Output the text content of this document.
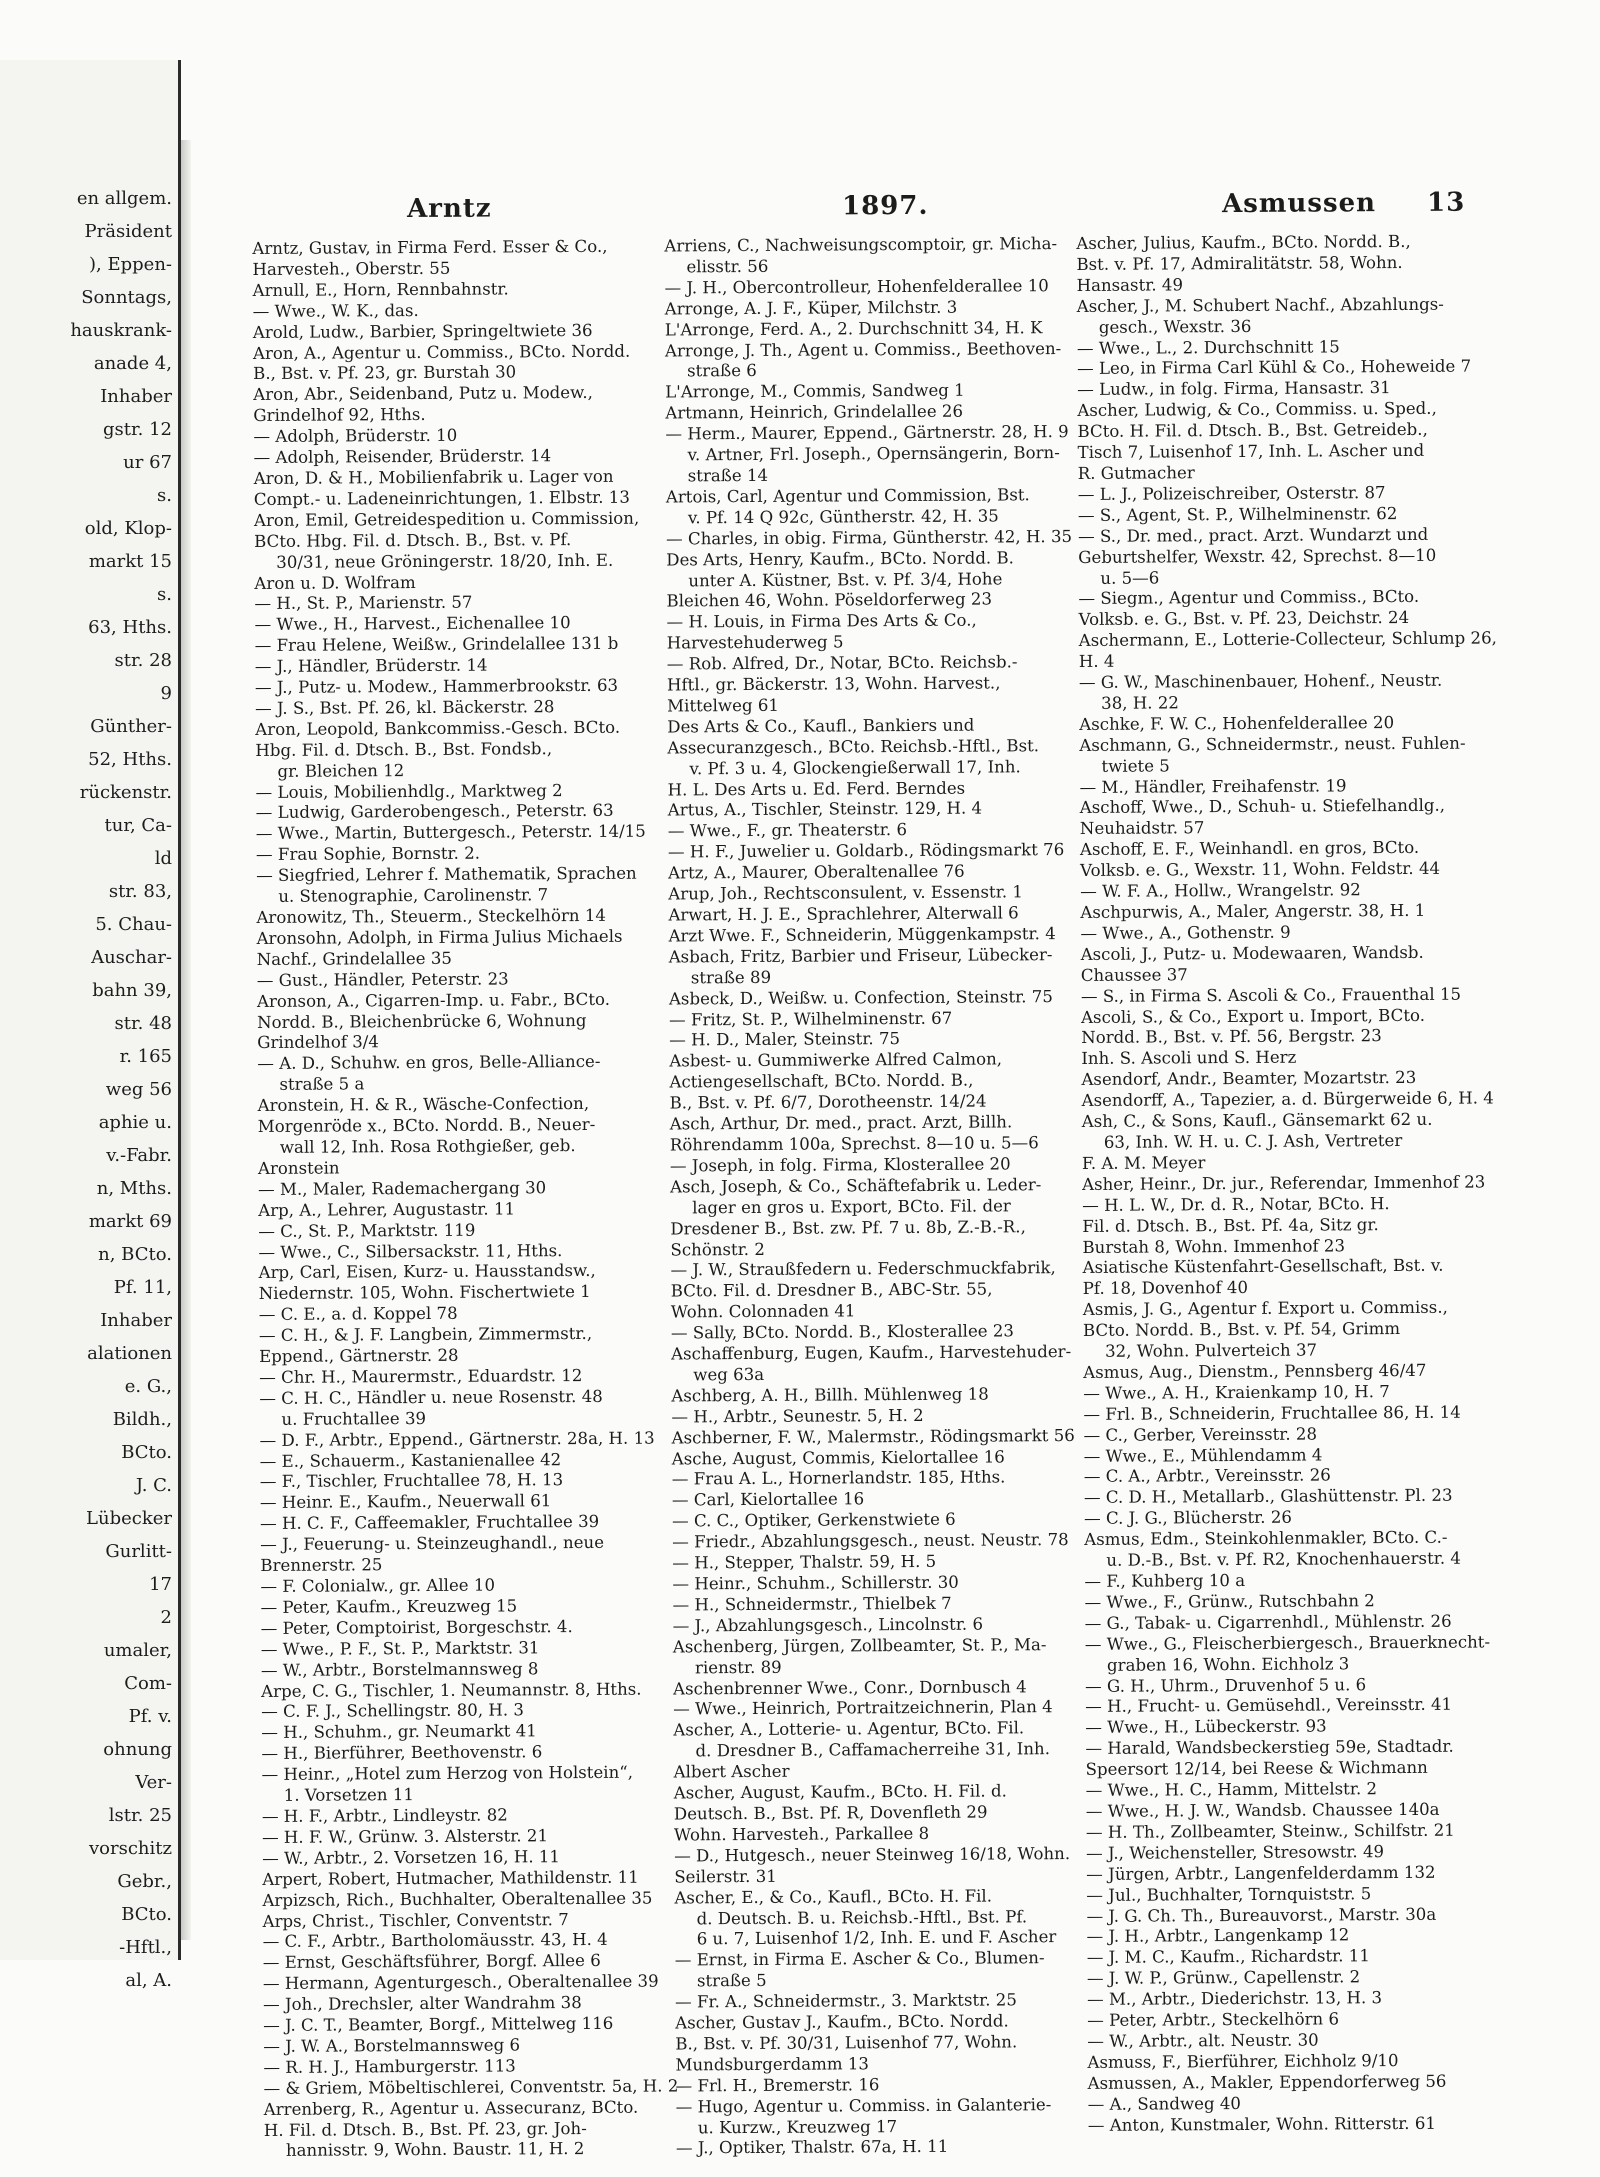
en allgem.
Präsident
), Eppen-
Sonntags,
hauskrank-
anade 4,
Inhaber
gstr. 12
ur 67
s.
old, Klop-
markt 15
s.
63, Hths.
str. 28
9
Günther-
52, Hths.
rückenstr.
tur, Ca-
ld
str. 83,
5. Chau-
Auschar-
bahn 39,
str. 48
r. 165
weg 56
aphie u.
v.-Fabr.
n, Mths.
markt 69
n, BCto.
Pf. 11,
Inhaber
alationen
e. G.,
Bildh.,
BCto.
J. C.
Lübecker
Gurlitt-
17
2
umaler,
Com-
Pf. v.
ohnung
Ver-
lstr. 25
vorschitz
Gebr.,
BCto.
-Hftl.,
al, A.
Arntz	1897.	Asmussen 13
Arntz, Gustav, in Firma Ferd. Esser & Co.,
Harvesteh., Oberstr. 55
Arnull, E., Horn, Rennbahnstr.
— Wwe., W. K., das.
Arold, Ludw., Barbier, Springeltwiete 36
Aron, A., Agentur u. Commiss., BCto. Nordd.
B., Bst. v. Pf. 23, gr. Burstah 30
Aron, Abr., Seidenband, Putz u. Modew.,
Grindelhof 92, Hths.
— Adolph, Brüderstr. 10
— Adolph, Reisender, Brüderstr. 14
Aron, D. & H., Mobilienfabrik u. Lager von
Compt.- u. Ladeneinrichtungen, 1. Elbstr. 13
Aron, Emil, Getreidespedition u. Commission,
BCto. Hbg. Fil. d. Dtsch. B., Bst. v. Pf.
30/31, neue Gröningerstr. 18/20, Inh. E.
Aron u. D. Wolfram
— H., St. P., Marienstr. 57
— Wwe., H., Harvest., Eichenallee 10
— Frau Helene, Weißw., Grindelallee 131 b
— J., Händler, Brüderstr. 14
— J., Putz- u. Modew., Hammerbrookstr. 63
— J. S., Bst. Pf. 26, kl. Bäckerstr. 28
Aron, Leopold, Bankcommiss.-Gesch. BCto.
Hbg. Fil. d. Dtsch. B., Bst. Fondsb.,
gr. Bleichen 12
— Louis, Mobilienhdlg., Marktweg 2
— Ludwig, Garderobengesch., Peterstr. 63
— Wwe., Martin, Buttergesch., Peterstr. 14/15
— Frau Sophie, Bornstr. 2.
— Siegfried, Lehrer f. Mathematik, Sprachen
u. Stenographie, Carolinenstr. 7
Aronowitz, Th., Steuerm., Steckelhörn 14
Aronsohn, Adolph, in Firma Julius Michaels
Nachf., Grindelallee 35
— Gust., Händler, Peterstr. 23
Aronson, A., Cigarren-Imp. u. Fabr., BCto.
Nordd. B., Bleichenbrücke 6, Wohnung
Grindelhof 3/4
— A. D., Schuhw. en gros, Belle-Alliance-
straße 5 a
Aronstein, H. & R., Wäsche-Confection,
Morgenröde x., BCto. Nordd. B., Neuer-
wall 12, Inh. Rosa Rothgießer, geb.
Aronstein
— M., Maler, Rademachergang 30
Arp, A., Lehrer, Augustastr. 11
— C., St. P., Marktstr. 119
— Wwe., C., Silbersackstr. 11, Hths.
Arp, Carl, Eisen, Kurz- u. Hausstandsw.,
Niedernstr. 105, Wohn. Fischertwiete 1
— C. E., a. d. Koppel 78
— C. H., & J. F. Langbein, Zimmermstr.,
Eppend., Gärtnerstr. 28
— Chr. H., Maurermstr., Eduardstr. 12
— C. H. C., Händler u. neue Rosenstr. 48
u. Fruchtallee 39
— D. F., Arbtr., Eppend., Gärtnerstr. 28a, H. 13
— E., Schauerm., Kastanienallee 42
— F., Tischler, Fruchtallee 78, H. 13
— Heinr. E., Kaufm., Neuerwall 61
— H. C. F., Caffeemakler, Fruchtallee 39
— J., Feuerung- u. Steinzeughandl., neue
Brennerstr. 25
— F. Colonialw., gr. Allee 10
— Peter, Kaufm., Kreuzweg 15
— Peter, Comptoirist, Borgeschstr. 4.
— Wwe., P. F., St. P., Marktstr. 31
— W., Arbtr., Borstelmannsweg 8
Arpe, C. G., Tischler, 1. Neumannstr. 8, Hths.
— C. F. J., Schellingstr. 80, H. 3
— H., Schuhm., gr. Neumarkt 41
— H., Bierführer, Beethovenstr. 6
— Heinr., „Hotel zum Herzog von Holstein“,
1. Vorsetzen 11
— H. F., Arbtr., Lindleystr. 82
— H. F. W., Grünw. 3. Alsterstr. 21
— W., Arbtr., 2. Vorsetzen 16, H. 11
Arpert, Robert, Hutmacher, Mathildenstr. 11
Arpizsch, Rich., Buchhalter, Oberaltenallee 35
Arps, Christ., Tischler, Conventstr. 7
— C. F., Arbtr., Bartholomäusstr. 43, H. 4
— Ernst, Geschäftsführer, Borgf. Allee 6
— Hermann, Agenturgesch., Oberaltenallee 39
— Joh., Drechsler, alter Wandrahm 38
— J. C. T., Beamter, Borgf., Mittelweg 116
— J. W. A., Borstelmannsweg 6
— R. H. J., Hamburgerstr. 113
— & Griem, Möbeltischlerei, Conventstr. 5a, H. 2
Arrenberg, R., Agentur u. Assecuranz, BCto.
H. Fil. d. Dtsch. B., Bst. Pf. 23, gr. Joh-
hannisstr. 9, Wohn. Baustr. 11, H. 2
Arriens, C., Nachweisungscomptoir, gr. Micha-
elisstr. 56
— J. H., Obercontrolleur, Hohenfelderallee 10
Arronge, A. J. F., Küper, Milchstr. 3
L'Arronge, Ferd. A., 2. Durchschnitt 34, H. K
Arronge, J. Th., Agent u. Commiss., Beethoven-
straße 6
L'Arronge, M., Commis, Sandweg 1
Artmann, Heinrich, Grindelallee 26
— Herm., Maurer, Eppend., Gärtnerstr. 28, H. 9
v. Artner, Frl. Joseph., Opernsängerin, Born-
straße 14
Artois, Carl, Agentur und Commission, Bst.
v. Pf. 14 Q 92c, Güntherstr. 42, H. 35
— Charles, in obig. Firma, Güntherstr. 42, H. 35
Des Arts, Henry, Kaufm., BCto. Nordd. B.
unter A. Küstner, Bst. v. Pf. 3/4, Hohe
Bleichen 46, Wohn. Pöseldorferweg 23
— H. Louis, in Firma Des Arts & Co.,
Harvestehuderweg 5
— Rob. Alfred, Dr., Notar, BCto. Reichsb.-
Hftl., gr. Bäckerstr. 13, Wohn. Harvest.,
Mittelweg 61
Des Arts & Co., Kaufl., Bankiers und
Assecuranzgesch., BCto. Reichsb.-Hftl., Bst.
v. Pf. 3 u. 4, Glockengießerwall 17, Inh.
H. L. Des Arts u. Ed. Ferd. Berndes
Artus, A., Tischler, Steinstr. 129, H. 4
— Wwe., F., gr. Theaterstr. 6
— H. F., Juwelier u. Goldarb., Rödingsmarkt 76
Artz, A., Maurer, Oberaltenallee 76
Arup, Joh., Rechtsconsulent, v. Essenstr. 1
Arwart, H. J. E., Sprachlehrer, Alterwall 6
Arzt Wwe. F., Schneiderin, Müggenkampstr. 4
Asbach, Fritz, Barbier und Friseur, Lübecker-
straße 89
Asbeck, D., Weißw. u. Confection, Steinstr. 75
— Fritz, St. P., Wilhelminenstr. 67
— H. D., Maler, Steinstr. 75
Asbest- u. Gummiwerke Alfred Calmon,
Actiengesellschaft, BCto. Nordd. B.,
B., Bst. v. Pf. 6/7, Dorotheenstr. 14/24
Asch, Arthur, Dr. med., pract. Arzt, Billh.
Röhrendamm 100a, Sprechst. 8—10 u. 5—6
— Joseph, in folg. Firma, Klosterallee 20
Asch, Joseph, & Co., Schäftefabrik u. Leder-
lager en gros u. Export, BCto. Fil. der
Dresdener B., Bst. zw. Pf. 7 u. 8b, Z.-B.-R.,
Schönstr. 2
— J. W., Straußfedern u. Federschmuckfabrik,
BCto. Fil. d. Dresdner B., ABC-Str. 55,
Wohn. Colonnaden 41
— Sally, BCto. Nordd. B., Klosterallee 23
Aschaffenburg, Eugen, Kaufm., Harvestehuder-
weg 63a
Aschberg, A. H., Billh. Mühlenweg 18
— H., Arbtr., Seunestr. 5, H. 2
Aschberner, F. W., Malermstr., Rödingsmarkt 56
Asche, August, Commis, Kielortallee 16
— Frau A. L., Hornerlandstr. 185, Hths.
— Carl, Kielortallee 16
— C. C., Optiker, Gerkenstwiete 6
— Friedr., Abzahlungsgesch., neust. Neustr. 78
— H., Stepper, Thalstr. 59, H. 5
— Heinr., Schuhm., Schillerstr. 30
— H., Schneidermstr., Thielbek 7
— J., Abzahlungsgesch., Lincolnstr. 6
Aschenberg, Jürgen, Zollbeamter, St. P., Ma-
rienstr. 89
Aschenbrenner Wwe., Conr., Dornbusch 4
— Wwe., Heinrich, Portraitzeichnerin, Plan 4
Ascher, A., Lotterie- u. Agentur, BCto. Fil.
d. Dresdner B., Caffamacherreihe 31, Inh.
Albert Ascher
Ascher, August, Kaufm., BCto. H. Fil. d.
Deutsch. B., Bst. Pf. R, Dovenfleth 29
Wohn. Harvesteh., Parkallee 8
— D., Hutgesch., neuer Steinweg 16/18, Wohn.
Seilerstr. 31
Ascher, E., & Co., Kaufl., BCto. H. Fil.
d. Deutsch. B. u. Reichsb.-Hftl., Bst. Pf.
6 u. 7, Luisenhof 1/2, Inh. E. und F. Ascher
— Ernst, in Firma E. Ascher & Co., Blumen-
straße 5
— Fr. A., Schneidermstr., 3. Marktstr. 25
Ascher, Gustav J., Kaufm., BCto. Nordd.
B., Bst. v. Pf. 30/31, Luisenhof 77, Wohn.
Mundsburgerdamm 13
— Frl. H., Bremerstr. 16
— Hugo, Agentur u. Commiss. in Galanterie-
u. Kurzw., Kreuzweg 17
— J., Optiker, Thalstr. 67a, H. 11
Ascher, Julius, Kaufm., BCto. Nordd. B.,
Bst. v. Pf. 17, Admiralitätstr. 58, Wohn.
Hansastr. 49
Ascher, J., M. Schubert Nachf., Abzahlungs-
gesch., Wexstr. 36
— Wwe., L., 2. Durchschnitt 15
— Leo, in Firma Carl Kühl & Co., Hoheweide 7
— Ludw., in folg. Firma, Hansastr. 31
Ascher, Ludwig, & Co., Commiss. u. Sped.,
BCto. H. Fil. d. Dtsch. B., Bst. Getreideb.,
Tisch 7, Luisenhof 17, Inh. L. Ascher und
R. Gutmacher
— L. J., Polizeischreiber, Osterstr. 87
— S., Agent, St. P., Wilhelminenstr. 62
— S., Dr. med., pract. Arzt. Wundarzt und
Geburtshelfer, Wexstr. 42, Sprechst. 8—10
u. 5—6
— Siegm., Agentur und Commiss., BCto.
Volksb. e. G., Bst. v. Pf. 23, Deichstr. 24
Aschermann, E., Lotterie-Collecteur, Schlump 26,
H. 4
— G. W., Maschinenbauer, Hohenf., Neustr.
38, H. 22
Aschke, F. W. C., Hohenfelderallee 20
Aschmann, G., Schneidermstr., neust. Fuhlen-
twiete 5
— M., Händler, Freihafenstr. 19
Aschoff, Wwe., D., Schuh- u. Stiefelhandlg.,
Neuhaidstr. 57
Aschoff, E. F., Weinhandl. en gros, BCto.
Volksb. e. G., Wexstr. 11, Wohn. Feldstr. 44
— W. F. A., Hollw., Wrangelstr. 92
Aschpurwis, A., Maler, Angerstr. 38, H. 1
— Wwe., A., Gothenstr. 9
Ascoli, J., Putz- u. Modewaaren, Wandsb.
Chaussee 37
— S., in Firma S. Ascoli & Co., Frauenthal 15
Ascoli, S., & Co., Export u. Import, BCto.
Nordd. B., Bst. v. Pf. 56, Bergstr. 23
Inh. S. Ascoli und S. Herz
Asendorf, Andr., Beamter, Mozartstr. 23
Asendorff, A., Tapezier, a. d. Bürgerweide 6, H. 4
Ash, C., & Sons, Kaufl., Gänsemarkt 62 u.
63, Inh. W. H. u. C. J. Ash, Vertreter
F. A. M. Meyer
Asher, Heinr., Dr. jur., Referendar, Immenhof 23
— H. L. W., Dr. d. R., Notar, BCto. H.
Fil. d. Dtsch. B., Bst. Pf. 4a, Sitz gr.
Burstah 8, Wohn. Immenhof 23
Asiatische Küstenfahrt-Gesellschaft, Bst. v.
Pf. 18, Dovenhof 40
Asmis, J. G., Agentur f. Export u. Commiss.,
BCto. Nordd. B., Bst. v. Pf. 54, Grimm
32, Wohn. Pulverteich 37
Asmus, Aug., Dienstm., Pennsberg 46/47
— Wwe., A. H., Kraienkamp 10, H. 7
— Frl. B., Schneiderin, Fruchtallee 86, H. 14
— C., Gerber, Vereinsstr. 28
— Wwe., E., Mühlendamm 4
— C. A., Arbtr., Vereinsstr. 26
— C. D. H., Metallarb., Glashüttenstr. Pl. 23
— C. J. G., Blücherstr. 26
Asmus, Edm., Steinkohlenmakler, BCto. C.-
u. D.-B., Bst. v. Pf. R2, Knochenhauerstr. 4
— F., Kuhberg 10 a
— Wwe., F., Grünw., Rutschbahn 2
— G., Tabak- u. Cigarrenhdl., Mühlenstr. 26
— Wwe., G., Fleischerbiergesch., Brauerknecht-
graben 16, Wohn. Eichholz 3
— G. H., Uhrm., Druvenhof 5 u. 6
— H., Frucht- u. Gemüsehdl., Vereinsstr. 41
— Wwe., H., Lübeckerstr. 93
— Harald, Wandsbeckerstieg 59e, Stadtadr.
Speersort 12/14, bei Reese & Wichmann
— Wwe., H. C., Hamm, Mittelstr. 2
— Wwe., H. J. W., Wandsb. Chaussee 140a
— H. Th., Zollbeamter, Steinw., Schilfstr. 21
— J., Weichensteller, Stresowstr. 49
— Jürgen, Arbtr., Langenfelderdamm 132
— Jul., Buchhalter, Tornquiststr. 5
— J. G. Ch. Th., Bureauvorst., Marstr. 30a
— J. H., Arbtr., Langenkamp 12
— J. M. C., Kaufm., Richardstr. 11
— J. W. P., Grünw., Capellenstr. 2
— M., Arbtr., Diederichstr. 13, H. 3
— Peter, Arbtr., Steckelhörn 6
— W., Arbtr., alt. Neustr. 30
Asmuss, F., Bierführer, Eichholz 9/10
Asmussen, A., Makler, Eppendorferweg 56
— A., Sandweg 40
— Anton, Kunstmaler, Wohn. Ritterstr. 61
